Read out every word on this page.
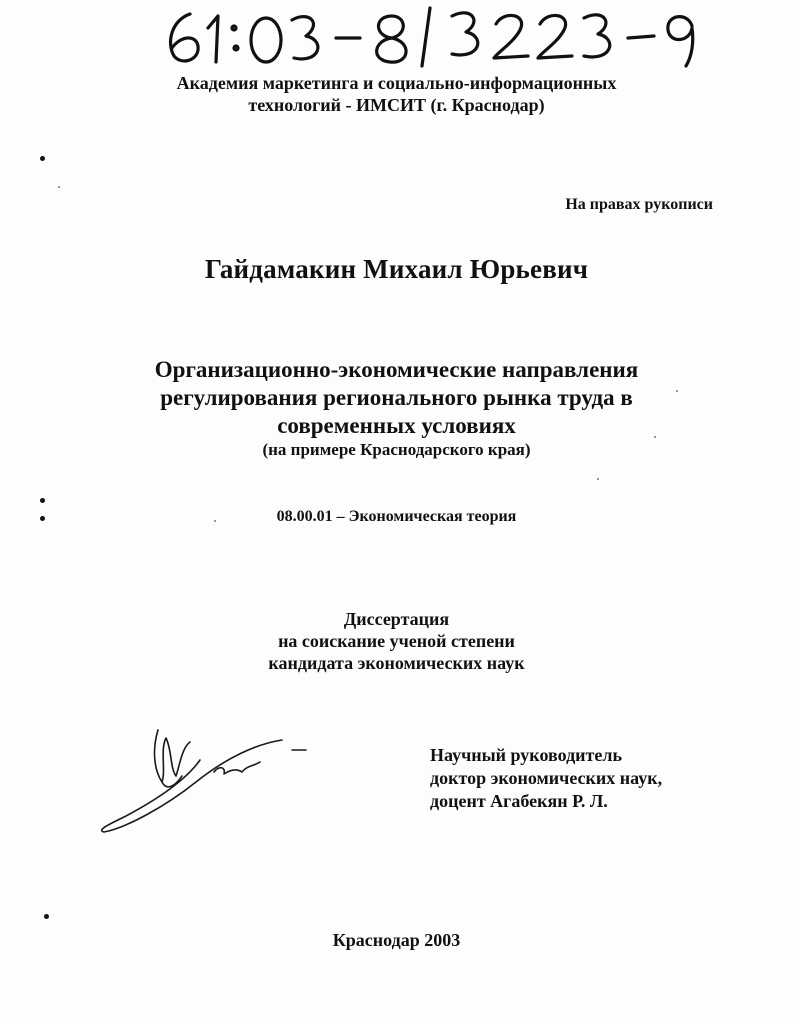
Академия маркетинга и социально-информационных
технологий - ИМСИТ (г. Краснодар)
На правах рукописи
Гайдамакин Михаил Юрьевич
Организационно-экономические направления
регулирования регионального рынка труда в
современных условиях
(на примере Краснодарского края)
08.00.01 – Экономическая теория
Диссертация
на соискание ученой степени
кандидата экономических наук
Научный руководитель
доктор экономических наук,
доцент Агабекян Р. Л.
Краснодар 2003
